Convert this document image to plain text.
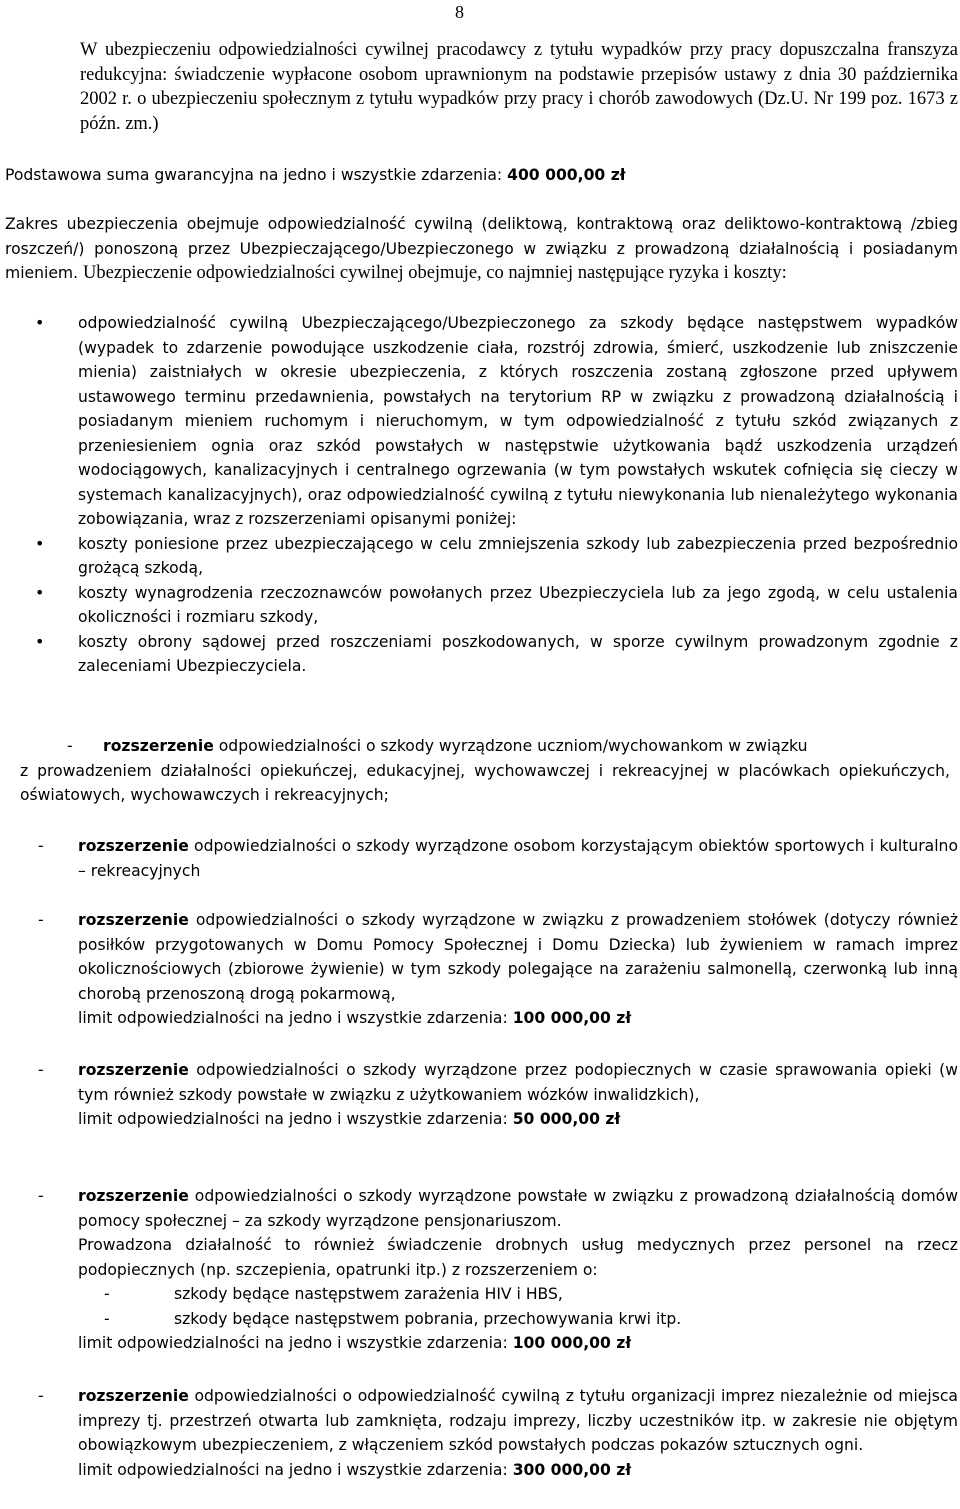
8
W ubezpieczeniu odpowiedzialności cywilnej pracodawcy z tytułu wypadków przy pracy dopuszczalna franszyza redukcyjna: świadczenie wypłacone osobom uprawnionym na podstawie przepisów ustawy z dnia 30 października 2002 r. o ubezpieczeniu społecznym z tytułu wypadków przy pracy i chorób zawodowych (Dz.U. Nr 199 poz. 1673 z późn. zm.)
Podstawowa suma gwarancyjna na jedno i wszystkie zdarzenia: 400 000,00 zł
Zakres ubezpieczenia obejmuje odpowiedzialność cywilną (deliktową, kontraktową oraz deliktowo-kontraktową /zbieg roszczeń/) ponoszoną przez Ubezpieczającego/Ubezpieczonego w związku z prowadzoną działalnością i posiadanym mieniem. Ubezpieczenie odpowiedzialności cywilnej obejmuje, co najmniej następujące ryzyka i koszty:
• odpowiedzialność cywilną Ubezpieczającego/Ubezpieczonego za szkody będące następstwem wypadków (wypadek to zdarzenie powodujące uszkodzenie ciała, rozstrój zdrowia, śmierć, uszkodzenie lub zniszczenie mienia) zaistniałych w okresie ubezpieczenia, z których roszczenia zostaną zgłoszone przed upływem ustawowego terminu przedawnienia, powstałych na terytorium RP w związku z prowadzoną działalnością i posiadanym mieniem ruchomym i nieruchomym, w tym odpowiedzialność z tytułu szkód związanych z przeniesieniem ognia oraz szkód powstałych w następstwie użytkowania bądź uszkodzenia urządzeń wodociągowych, kanalizacyjnych i centralnego ogrzewania (w tym powstałych wskutek cofnięcia się cieczy w systemach kanalizacyjnych), oraz odpowiedzialność cywilną z tytułu niewykonania lub nienależytego wykonania zobowiązania, wraz z rozszerzeniami opisanymi poniżej:
• koszty poniesione przez ubezpieczającego w celu zmniejszenia szkody lub zabezpieczenia przed bezpośrednio grożącą szkodą,
• koszty wynagrodzenia rzeczoznawców powołanych przez Ubezpieczyciela lub za jego zgodą, w celu ustalenia okoliczności i rozmiaru szkody,
• koszty obrony sądowej przed roszczeniami poszkodowanych, w sporze cywilnym prowadzonym zgodnie z zaleceniami Ubezpieczyciela.
- rozszerzenie odpowiedzialności o szkody wyrządzone uczniom/wychowankom w związku
z prowadzeniem działalności opiekuńczej, edukacyjnej, wychowawczej i rekreacyjnej w placówkach opiekuńczych, oświatowych, wychowawczych i rekreacyjnych;
- rozszerzenie odpowiedzialności o szkody wyrządzone osobom korzystającym obiektów sportowych i kulturalno – rekreacyjnych
- rozszerzenie odpowiedzialności o szkody wyrządzone w związku z prowadzeniem stołówek (dotyczy również posiłków przygotowanych w Domu Pomocy Społecznej i Domu Dziecka) lub żywieniem w ramach imprez okolicznościowych (zbiorowe żywienie) w tym szkody polegające na zarażeniu salmonellą, czerwonką lub inną chorobą przenoszoną drogą pokarmową,
limit odpowiedzialności na jedno i wszystkie zdarzenia: 100 000,00 zł
- rozszerzenie odpowiedzialności o szkody wyrządzone przez podopiecznych w czasie sprawowania opieki (w tym również szkody powstałe w związku z użytkowaniem wózków inwalidzkich),
limit odpowiedzialności na jedno i wszystkie zdarzenia: 50 000,00 zł
- rozszerzenie odpowiedzialności o szkody wyrządzone powstałe w związku z prowadzoną działalnością domów pomocy społecznej – za szkody wyrządzone pensjonariuszom.
Prowadzona działalność to również świadczenie drobnych usług medycznych przez personel na rzecz podopiecznych (np. szczepienia, opatrunki itp.) z rozszerzeniem o:
-	szkody będące następstwem zarażenia HIV i HBS,
-	szkody będące następstwem pobrania, przechowywania krwi itp.
limit odpowiedzialności na jedno i wszystkie zdarzenia: 100 000,00 zł
- rozszerzenie odpowiedzialności o odpowiedzialność cywilną z tytułu organizacji imprez niezależnie od miejsca imprezy tj. przestrzeń otwarta lub zamknięta, rodzaju imprezy, liczby uczestników itp. w zakresie nie objętym obowiązkowym ubezpieczeniem, z włączeniem szkód powstałych podczas pokazów sztucznych ogni.
limit odpowiedzialności na jedno i wszystkie zdarzenia: 300 000,00 zł
